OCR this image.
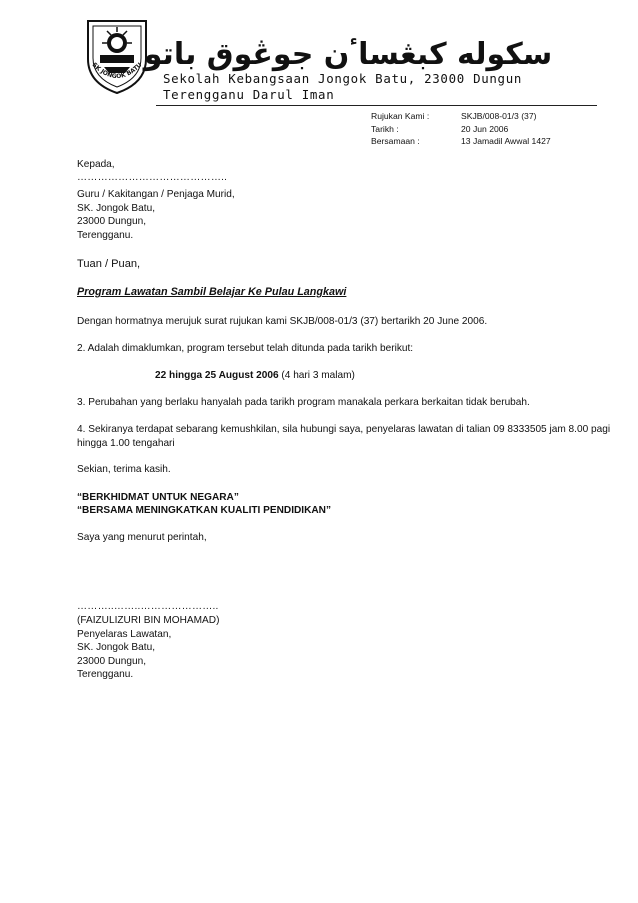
SK JONGOK BATU سکوله کبڠساٴن جوڠوق باتو
Sekolah Kebangsaan Jongok Batu, 23000 Dungun
Terengganu Darul Iman
Rujukan Kami :	SKJB/008-01/3 (37)
Tarikh :	20 Jun 2006
Bersamaan :	13 Jamadil Awwal 1427
Kepada,
……………………………………..
Guru / Kakitangan / Penjaga Murid,
SK. Jongok Batu,
23000 Dungun,
Terengganu.
Tuan / Puan,
Program Lawatan Sambil Belajar Ke Pulau Langkawi
Dengan hormatnya merujuk surat rujukan kami SKJB/008-01/3 (37) bertarikh 20 June 2006.
2. Adalah dimaklumkan, program tersebut telah ditunda pada tarikh berikut:
22 hingga 25 August 2006 (4 hari 3 malam)
3. Perubahan yang berlaku hanyalah pada tarikh program manakala perkara berkaitan tidak berubah.
4. Sekiranya terdapat sebarang kemushkilan, sila hubungi saya, penyelaras lawatan di talian 09 8333505 jam 8.00 pagi
hingga 1.00 tengahari
Sekian, terima kasih.
“BERKHIDMAT UNTUK NEGARA”
“BERSAMA MENINGKATKAN KUALITI PENDIDIKAN”
Saya yang menurut perintah,
………..……..…………………..
(FAIZULIZURI BIN MOHAMAD)
Penyelaras Lawatan,
SK. Jongok Batu,
23000 Dungun,
Terengganu.
